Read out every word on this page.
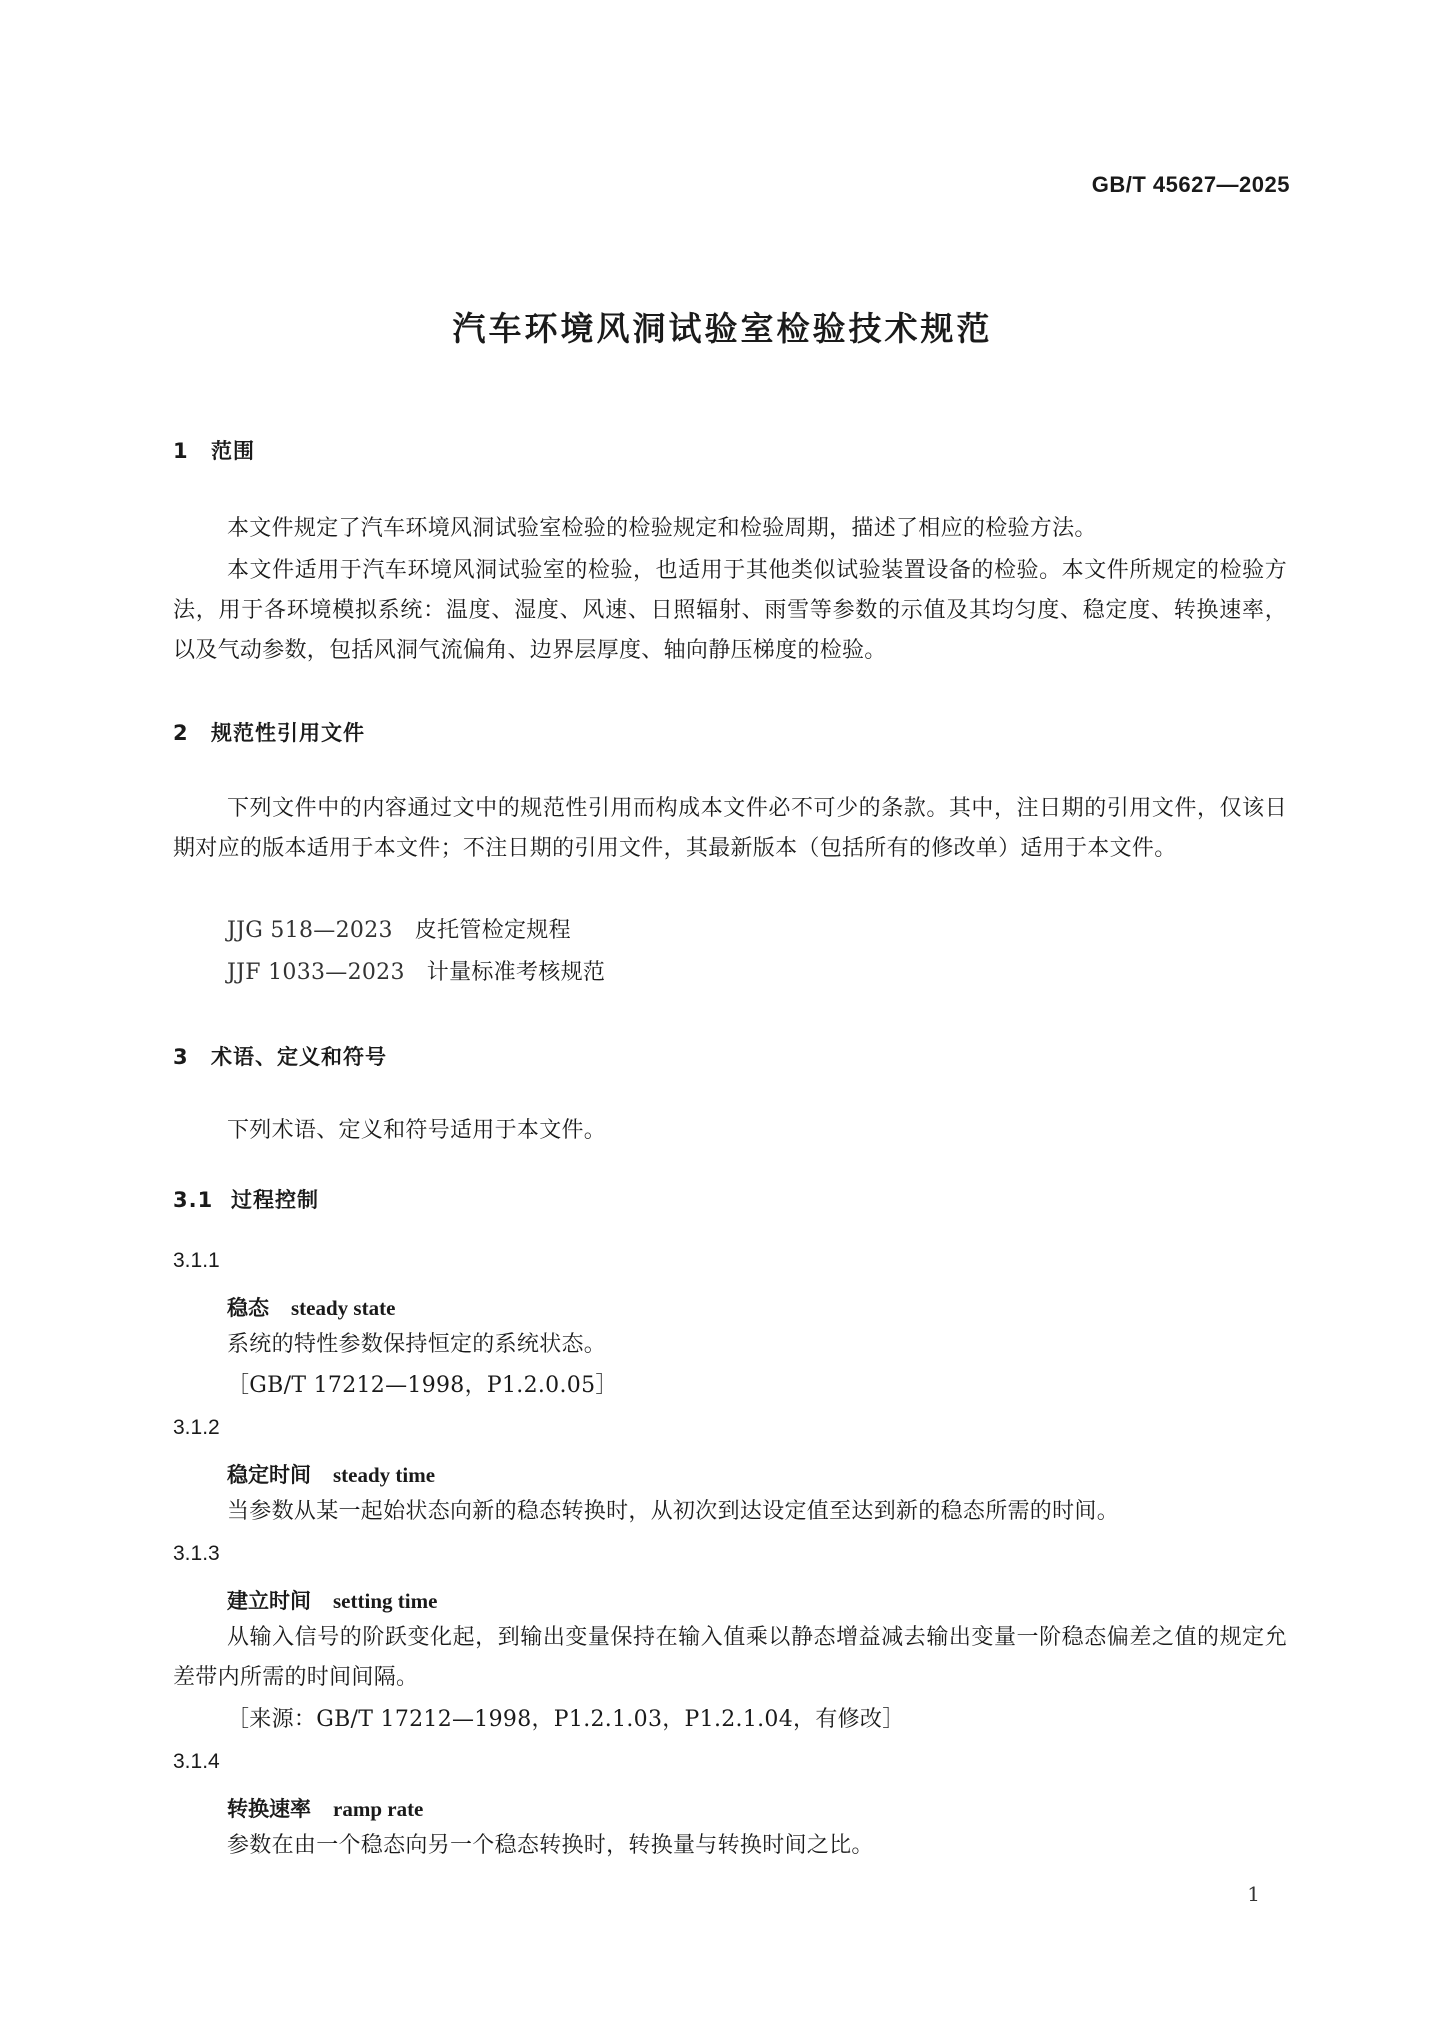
GB/T 45627—2025
汽车环境风洞试验室检验技术规范
1 范围
本文件规定了汽车环境风洞试验室检验的检验规定和检验周期，描述了相应的检验方法。
本文件适用于汽车环境风洞试验室的检验，也适用于其他类似试验装置设备的检验。本文件所规定的检验方法，用于各环境模拟系统：温度、湿度、风速、日照辐射、雨雪等参数的示值及其均匀度、稳定度、转换速率，以及气动参数，包括风洞气流偏角、边界层厚度、轴向静压梯度的检验。
2 规范性引用文件
下列文件中的内容通过文中的规范性引用而构成本文件必不可少的条款。其中，注日期的引用文件，仅该日期对应的版本适用于本文件；不注日期的引用文件，其最新版本（包括所有的修改单）适用于本文件。
JJG 518—2023 皮托管检定规程
JJF 1033—2023 计量标准考核规范
3 术语、定义和符号
下列术语、定义和符号适用于本文件。
3.1 过程控制
3.1.1
稳态 steady state
系统的特性参数保持恒定的系统状态。
［GB/T 17212—1998，P1.2.0.05］
3.1.2
稳定时间 steady time
当参数从某一起始状态向新的稳态转换时，从初次到达设定值至达到新的稳态所需的时间。
3.1.3
建立时间 setting time
从输入信号的阶跃变化起，到输出变量保持在输入值乘以静态增益减去输出变量一阶稳态偏差之值的规定允差带内所需的时间间隔。
［来源：GB/T 17212—1998，P1.2.1.03，P1.2.1.04，有修改］
3.1.4
转换速率 ramp rate
参数在由一个稳态向另一个稳态转换时，转换量与转换时间之比。
1
